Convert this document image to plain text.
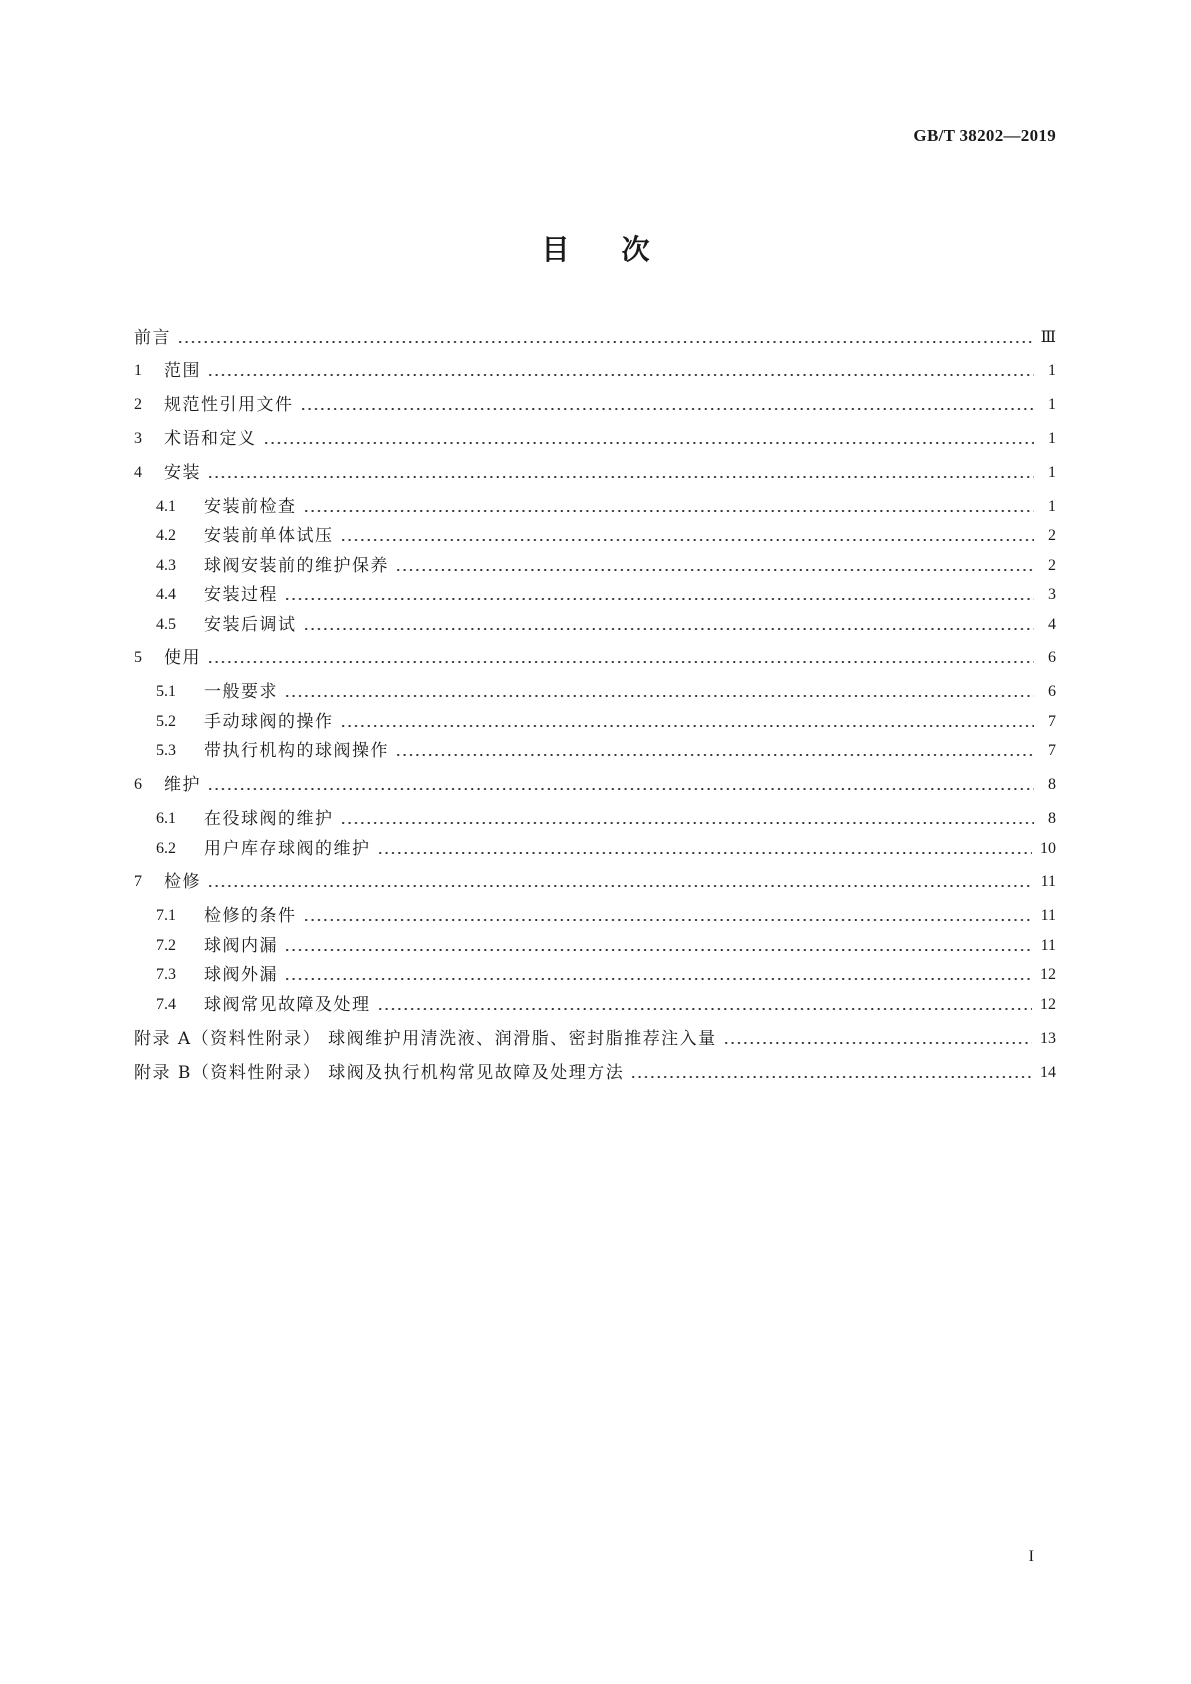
GB/T 38202—2019
目次
前言	Ⅲ
1	范围	1
2	规范性引用文件	1
3	术语和定义	1
4	安装	1
4.1	安装前检查	1
4.2	安装前单体试压	2
4.3	球阀安装前的维护保养	2
4.4	安装过程	3
4.5	安装后调试	4
5	使用	6
5.1	一般要求	6
5.2	手动球阀的操作	7
5.3	带执行机构的球阀操作	7
6	维护	8
6.1	在役球阀的维护	8
6.2	用户库存球阀的维护	10
7	检修	11
7.1	检修的条件	11
7.2	球阀内漏	11
7.3	球阀外漏	12
7.4	球阀常见故障及处理	12
附录 A（资料性附录） 球阀维护用清洗液、润滑脂、密封脂推荐注入量	13
附录 B（资料性附录） 球阀及执行机构常见故障及处理方法	14
I
